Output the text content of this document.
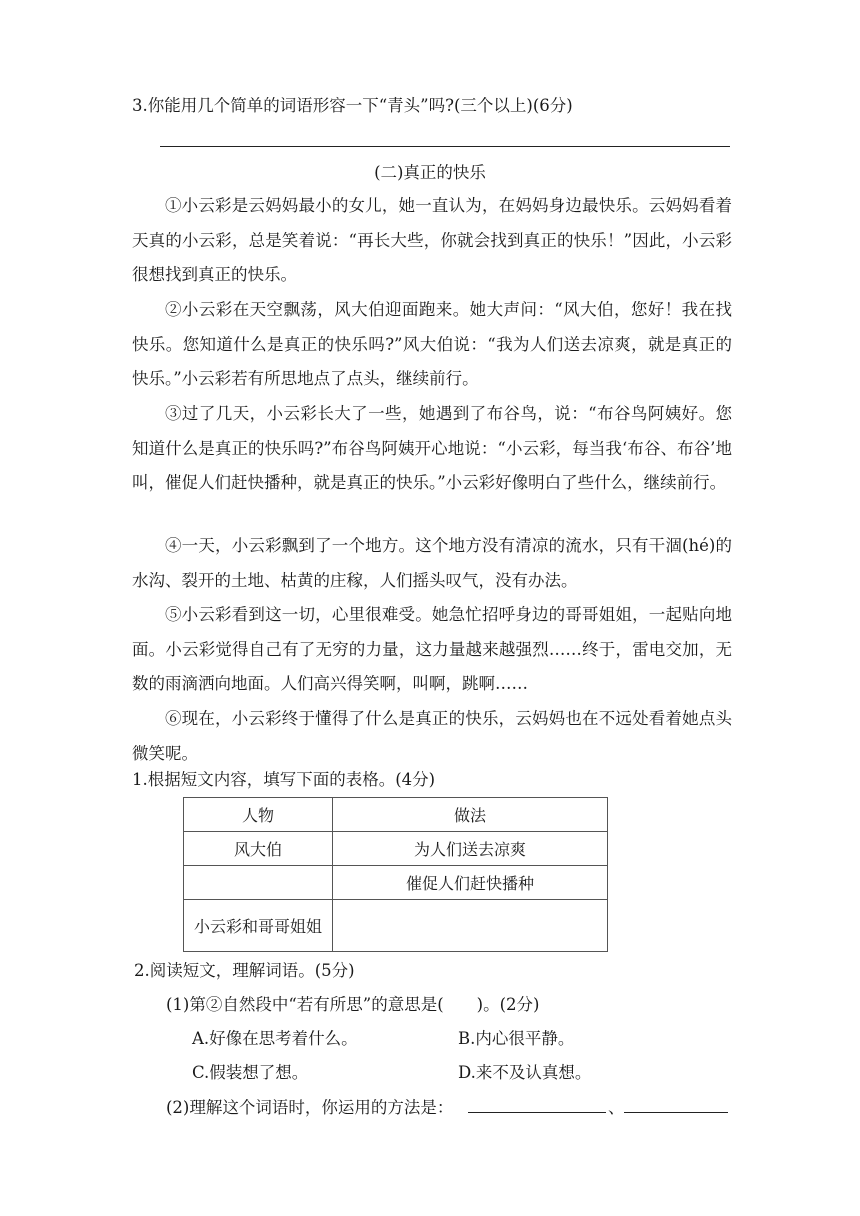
3.你能用几个简单的词语形容一下“青头”吗?(三个以上)(6分)
(二)真正的快乐
①小云彩是云妈妈最小的女儿，她一直认为，在妈妈身边最快乐。云妈妈看着天真的小云彩，总是笑着说：“再长大些，你就会找到真正的快乐！”因此，小云彩很想找到真正的快乐。
②小云彩在天空飘荡，风大伯迎面跑来。她大声问：“风大伯，您好！我在找快乐。您知道什么是真正的快乐吗?”风大伯说：“我为人们送去凉爽，就是真正的快乐。”小云彩若有所思地点了点头，继续前行。
③过了几天，小云彩长大了一些，她遇到了布谷鸟，说：“布谷鸟阿姨好。您知道什么是真正的快乐吗?”布谷鸟阿姨开心地说：“小云彩，每当我‘布谷、布谷’地叫，催促人们赶快播种，就是真正的快乐。”小云彩好像明白了些什么，继续前行。
④一天，小云彩飘到了一个地方。这个地方没有清凉的流水，只有干涸(hé)的水沟、裂开的土地、枯黄的庄稼，人们摇头叹气，没有办法。
⑤小云彩看到这一切，心里很难受。她急忙招呼身边的哥哥姐姐，一起贴向地面。小云彩觉得自己有了无穷的力量，这力量越来越强烈……终于，雷电交加，无数的雨滴洒向地面。人们高兴得笑啊，叫啊，跳啊……
⑥现在，小云彩终于懂得了什么是真正的快乐，云妈妈也在不远处看着她点头微笑呢。
1.根据短文内容，填写下面的表格。(4分)
人物	做法
风大伯	为人们送去凉爽
	催促人们赶快播种
小云彩和哥哥姐姐	
2.阅读短文，理解词语。(5分)
(1)第②自然段中“若有所思”的意思是(　　)。(2分)
A.好像在思考着什么。	B.内心很平静。
C.假装想了想。	D.来不及认真想。
(2)理解这个词语时，你运用的方法是：	、
